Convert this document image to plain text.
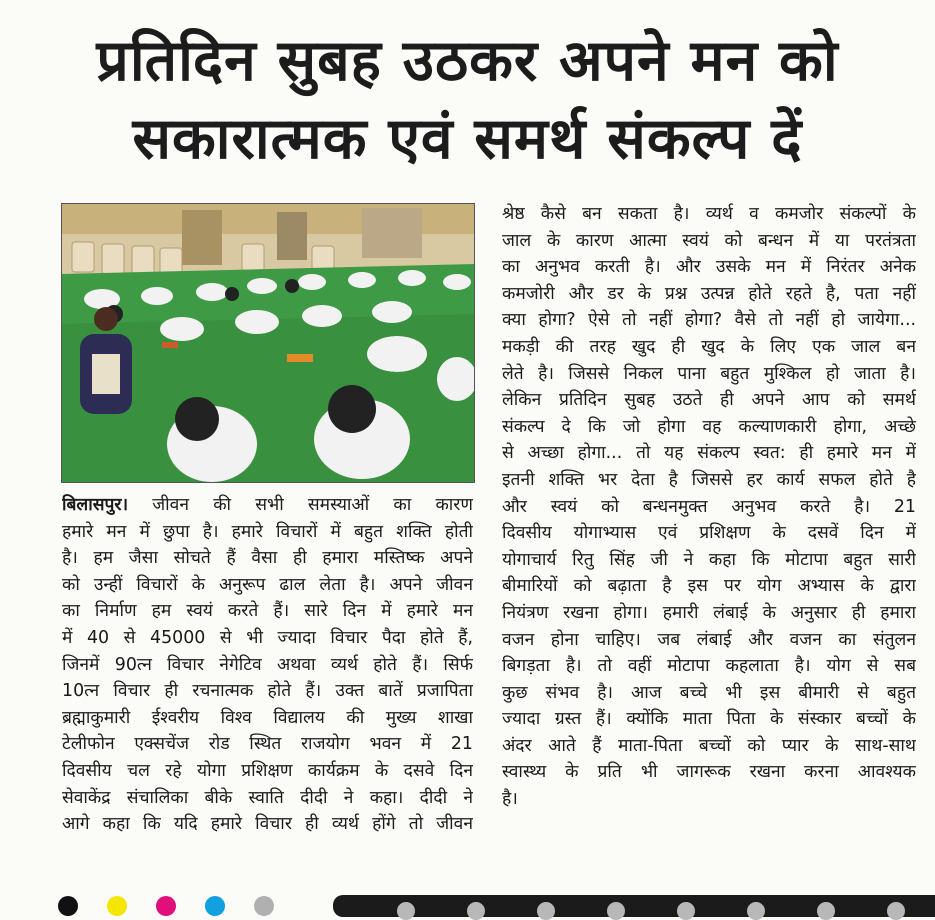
प्रतिदिन सुबह उठकर अपने मन को
सकारात्मक एवं समर्थ संकल्प दें
बिलासपुर। जीवन की सभी समस्याओं का कारण
हमारे मन में छुपा है। हमारे विचारों में बहुत शक्ति होती
है। हम जैसा सोचते हैं वैसा ही हमारा मस्तिष्क अपने
को उन्हीं विचारों के अनुरूप ढाल लेता है। अपने जीवन
का निर्माण हम स्वयं करते हैं। सारे दिन में हमारे मन
में 40 से 45000 से भी ज्यादा विचार पैदा होते हैं,
जिनमें 90त्न विचार नेगेटिव अथवा व्यर्थ होते हैं। सिर्फ
10त्न विचार ही रचनात्मक होते हैं। उक्त बातें प्रजापिता
ब्रह्माकुमारी ईश्वरीय विश्व विद्यालय की मुख्य शाखा
टेलीफोन एक्सचेंज रोड स्थित राजयोग भवन में 21
दिवसीय चल रहे योगा प्रशिक्षण कार्यक्रम के दसवे दिन
सेवाकेंद्र संचालिका बीके स्वाति दीदी ने कहा। दीदी ने
आगे कहा कि यदि हमारे विचार ही व्यर्थ होंगे तो जीवन
श्रेष्ठ कैसे बन सकता है। व्यर्थ व कमजोर संकल्पों के
जाल के कारण आत्मा स्वयं को बन्धन में या परतंत्रता
का अनुभव करती है। और उसके मन में निरंतर अनेक
कमजोरी और डर के प्रश्न उत्पन्न होते रहते है, पता नहीं
क्या होगा? ऐसे तो नहीं होगा? वैसे तो नहीं हो जायेगा...
मकड़ी की तरह खुद ही खुद के लिए एक जाल बन
लेते है। जिससे निकल पाना बहुत मुश्किल हो जाता है।
लेकिन प्रतिदिन सुबह उठते ही अपने आप को समर्थ
संकल्प दे कि जो होगा वह कल्याणकारी होगा, अच्छे
से अच्छा होगा... तो यह संकल्प स्वत: ही हमारे मन में
इतनी शक्ति भर देता है जिससे हर कार्य सफल होते है
और स्वयं को बन्धनमुक्त अनुभव करते है। 21
दिवसीय योगाभ्यास एवं प्रशिक्षण के दसवें दिन में
योगाचार्य रितु सिंह जी ने कहा कि मोटापा बहुत सारी
बीमारियों को बढ़ाता है इस पर योग अभ्यास के द्वारा
नियंत्रण रखना होगा। हमारी लंबाई के अनुसार ही हमारा
वजन होना चाहिए। जब लंबाई और वजन का संतुलन
बिगड़ता है। तो वहीं मोटापा कहलाता है। योग से सब
कुछ संभव है। आज बच्चे भी इस बीमारी से बहुत
ज्यादा ग्रस्त हैं। क्योंकि माता पिता के संस्कार बच्चों के
अंदर आते हैं माता-पिता बच्चों को प्यार के साथ-साथ
स्वास्थ्य के प्रति भी जागरूक रखना करना आवश्यक
है।
